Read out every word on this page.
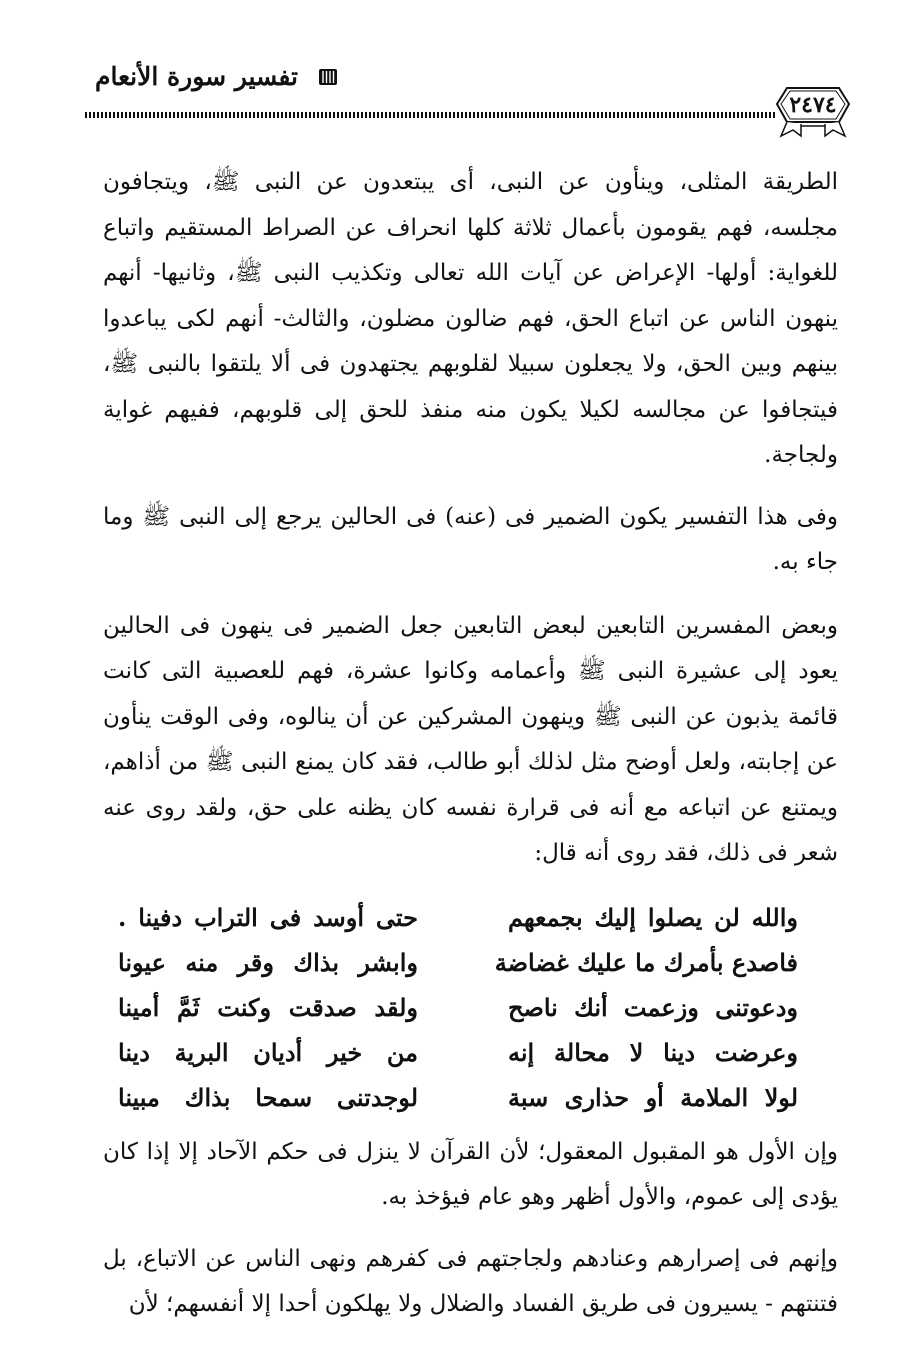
تفسير سورة الأنعام
٢٤٧٤

الطريقة المثلى، وينأون عن النبى، أى يبتعدون عن النبى ﷺ، ويتجافون مجلسه، فهم يقومون بأعمال ثلاثة كلها انحراف عن الصراط المستقيم واتباع للغواية: أولها- الإعراض عن آيات الله تعالى وتكذيب النبى ﷺ، وثانيها- أنهم ينهون الناس عن اتباع الحق، فهم ضالون مضلون، والثالث- أنهم لكى يباعدوا بينهم وبين الحق، ولا يجعلون سبيلا لقلوبهم يجتهدون فى ألا يلتقوا بالنبى ﷺ، فيتجافوا عن مجالسه لكيلا يكون منه منفذ للحق إلى قلوبهم، ففيهم غواية ولجاجة.

وفى هذا التفسير يكون الضمير فى (عنه) فى الحالين يرجع إلى النبى ﷺ وما جاء به.

وبعض المفسرين التابعين لبعض التابعين جعل الضمير فى ينهون فى الحالين يعود إلى عشيرة النبى ﷺ وأعمامه وكانوا عشرة، فهم للعصبية التى كانت قائمة يذبون عن النبى ﷺ وينهون المشركين عن أن ينالوه، وفى الوقت ينأون عن إجابته، ولعل أوضح مثل لذلك أبو طالب، فقد كان يمنع النبى ﷺ من أذاهم، ويمتنع عن اتباعه مع أنه فى قرارة نفسه كان يظنه على حق، ولقد روى عنه شعر فى ذلك، فقد روى أنه قال:

والله لن يصلوا إليك بجمعهم
حتى أوسد فى التراب دفينا .
فاصدع بأمرك ما عليك غضاضة
وابشر بذاك وقر منه عيونا
ودعوتنى وزعمت أنك ناصح
ولقد صدقت وكنت ثَمَّ أمينا
وعرضت دينا لا محالة إنه
من خير أديان البرية دينا
لولا الملامة أو حذارى سبة
لوجدتنى سمحا بذاك مبينا

وإن الأول هو المقبول المعقول؛ لأن القرآن لا ينزل فى حكم الآحاد إلا إذا كان يؤدى إلى عموم، والأول أظهر وهو عام فيؤخذ به.

وإنهم فى إصرارهم وعنادهم ولجاجتهم فى كفرهم ونهى الناس عن الاتباع، بل فتنتهم - يسيرون فى طريق الفساد والضلال ولا يهلكون أحدا إلا أنفسهم؛ لأن
